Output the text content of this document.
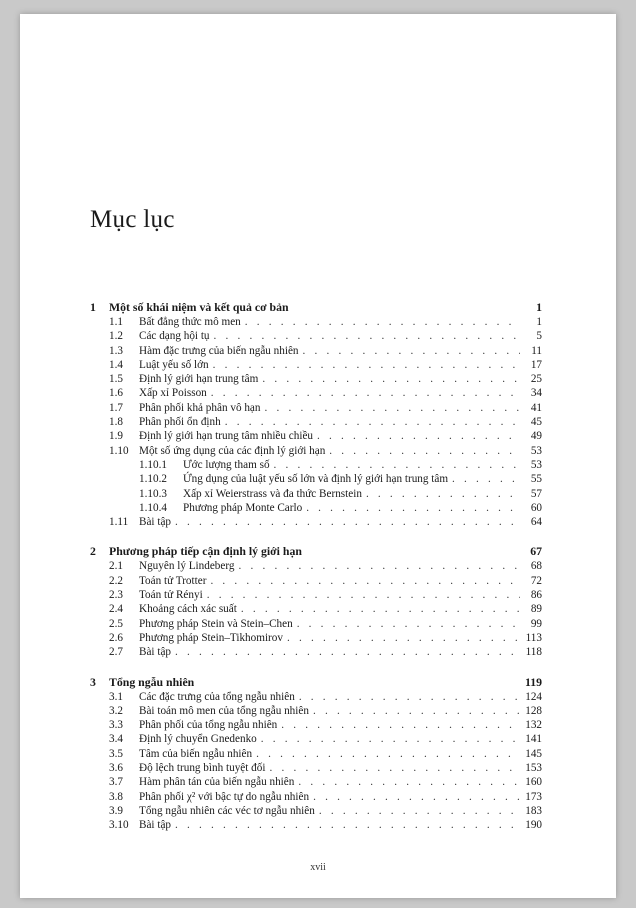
Mục lục
1	Một số khái niệm và kết quả cơ bản	1
1.1	Bất đẳng thức mô men . . .	1
1.2	Các dạng hội tụ . . .	5
1.3	Hàm đặc trưng của biến ngẫu nhiên . . .	11
1.4	Luật yếu số lớn . . .	17
1.5	Định lý giới hạn trung tâm . . .	25
1.6	Xấp xỉ Poisson . . .	34
1.7	Phân phối khả phân vô hạn . . .	41
1.8	Phân phối ổn định . . .	45
1.9	Định lý giới hạn trung tâm nhiều chiều . . .	49
1.10 Một số ứng dụng của các định lý giới hạn . . .	53
1.10.1	Ước lượng tham số . . .	53
1.10.2	Ứng dụng của luật yếu số lớn và định lý giới hạn trung tâm . . .	55
1.10.3	Xấp xỉ Weierstrass và đa thức Bernstein . . .	57
1.10.4	Phương pháp Monte Carlo . . .	60
1.11 Bài tập . . .	64
2	Phương pháp tiếp cận định lý giới hạn	67
2.1	Nguyên lý Lindeberg . . .	68
2.2	Toán tử Trotter . . .	72
2.3	Toán tử Rényi . . .	86
2.4	Khoảng cách xác suất . . .	89
2.5	Phương pháp Stein và Stein–Chen . . .	99
2.6	Phương pháp Stein–Tikhomirov . . .	113
2.7	Bài tập . . .	118
3	Tổng ngẫu nhiên	119
3.1	Các đặc trưng của tổng ngẫu nhiên . . .	124
3.2	Bài toán mô men của tổng ngẫu nhiên . . .	128
3.3	Phân phối của tổng ngẫu nhiên . . .	132
3.4	Định lý chuyển Gnedenko . . .	141
3.5	Tâm của biến ngẫu nhiên . . .	145
3.6	Độ lệch trung bình tuyệt đối . . .	153
3.7	Hàm phân tán của biến ngẫu nhiên . . .	160
3.8	Phân phối χ² với bậc tự do ngẫu nhiên . . .	173
3.9	Tổng ngẫu nhiên các véc tơ ngẫu nhiên . . .	183
3.10 Bài tập . . .	190
xvii
